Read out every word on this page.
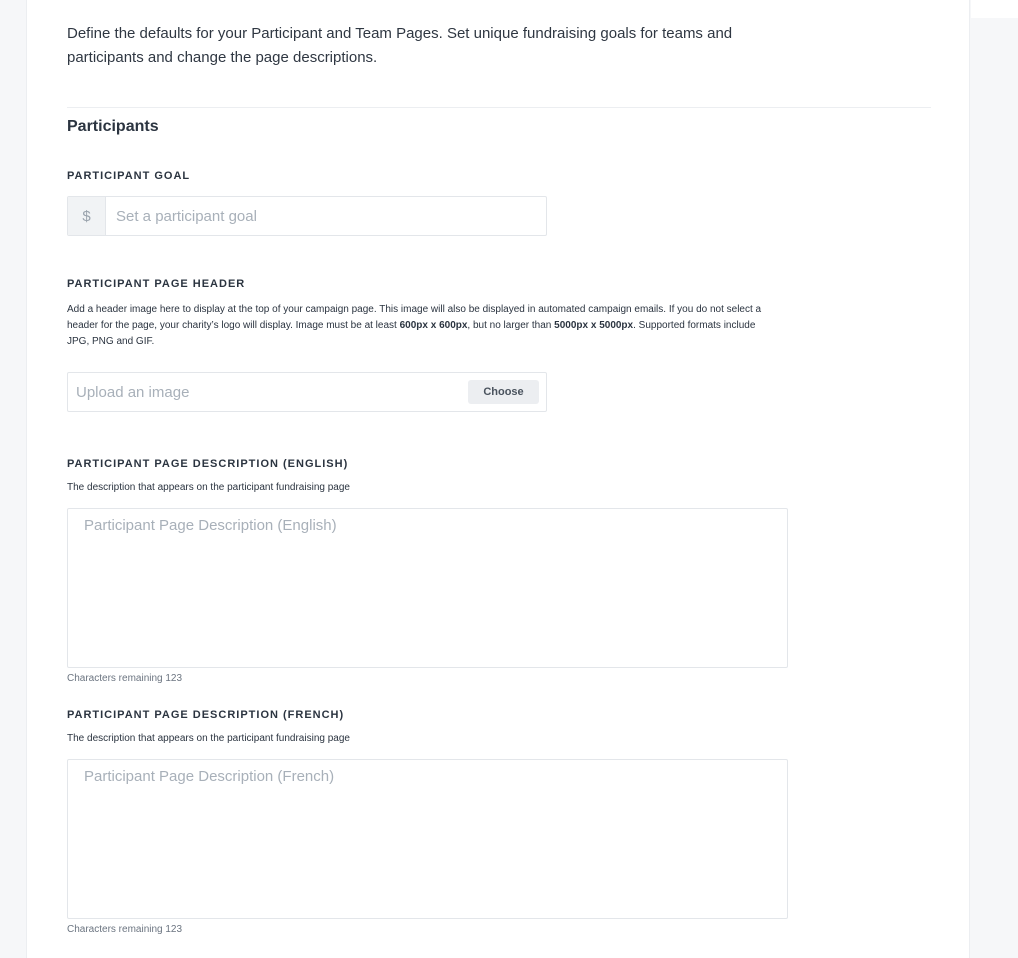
Define the defaults for your Participant and Team Pages. Set unique fundraising goals for teams and participants and change the page descriptions.

Participants
PARTICIPANT GOAL
$
Set a participant goal
PARTICIPANT PAGE HEADER
Add a header image here to display at the top of your campaign page. This image will also be displayed in automated campaign emails. If you do not select a header for the page, your charity’s logo will display. Image must be at least 600px x 600px, but no larger than 5000px x 5000px. Supported formats include JPG, PNG and GIF.
Upload an image
Choose
PARTICIPANT PAGE DESCRIPTION (ENGLISH)
The description that appears on the participant fundraising page
Participant Page Description (English)
Characters remaining 123
PARTICIPANT PAGE DESCRIPTION (FRENCH)
The description that appears on the participant fundraising page
Participant Page Description (French)
Characters remaining 123
